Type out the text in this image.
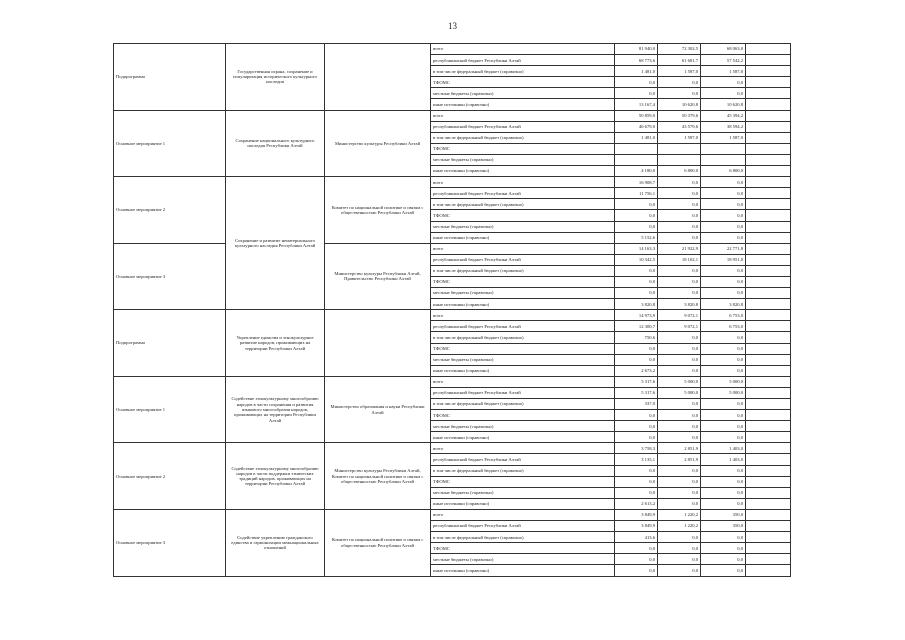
13
Подпрограмма	Государственная охрана, сохранение и популяризация исторического культурного наследия		всего	81 940,0	72 302,5	68 063,0	
			республиканский бюджет Республики Алтай	68 773,6	61 681,7	57 542,2	
			в том числе федеральный бюджет (справочно)	1 481,0	1 587,0	1 587,0	
			ТФОМС	0,0	0,0	0,0	
			местные бюджеты (справочно)	0,0	0,0	0,0	
			иные источники (справочно)	13 167,4	10 620,8	10 620,8	
Основное мероприятие 1	Сохранение национального культурного наследия Республики Алтай	Министерство культуры Республики Алтай	всего	50 859,0	50 379,6	45 394,2	
			республиканский бюджет Республики Алтай	46 679,0	43 579,6	38 594,2	
			в том числе федеральный бюджет (справочно)	1 481,0	1 587,0	1 587,0	
			ТФОМС				
			местные бюджеты (справочно)				
			иные источники (справочно)	4 180,0	6 800,0	6 800,0	
Основное мероприятие 2	Сохранение и развитие нематериального культурного наследия Республики Алтай	Комитет по национальной политике и связям с общественностью Республики Алтай	всего	16 908,7	0,0	0,0	
			республиканский бюджет Республики Алтай	11 756,1	0,0	0,0	
			в том числе федеральный бюджет (справочно)	0,0	0,0	0,0	
			ТФОМС	0,0	0,0	0,0	
			местные бюджеты (справочно)	0,0	0,0	0,0	
			иные источники (справочно)	5 152,6	0,0	0,0	
Основное мероприятие 3		Министерство культуры Республики Алтай, Правительство Республики Алтай	всего	14 163,3	21 922,9	22 771,8	
			республиканский бюджет Республики Алтай	10 342,5	18 102,1	18 951,0	
			в том числе федеральный бюджет (справочно)	0,0	0,0	0,0	
			ТФОМС	0,0	0,0	0,0	
			местные бюджеты (справочно)	0,0	0,0	0,0	
			иные источники (справочно)	3 820,8	3 820,8	3 820,8	
Подпрограмма	Укрепление единства и этнокультурное развитие народов, проживающих на территории Республики Алтай		всего	14 973,9	9 072,1	6 753,0	
			республиканский бюджет Республики Алтай	12 300,7	9 072,1	6 753,0	
			в том числе федеральный бюджет (справочно)	750,6	0,0	0,0	
			ТФОМС	0,0	0,0	0,0	
			местные бюджеты (справочно)	0,0	0,0	0,0	
			иные источники (справочно)	2 673,2	0,0	0,0	
Основное мероприятие 1	Содействие этнокультурному многообразию народов в части сохранения и развития языкового многообразия народов, проживающих на территории Республики Алтай	Министерство образования и науки Республики Алтай	всего	5 317,6	5 000,0	5 000,0	
			республиканский бюджет Республики Алтай	5 317,6	5 000,0	5 000,0	
			в том числе федеральный бюджет (справочно)	337,0	0,0	0,0	
			ТФОМС	0,0	0,0	0,0	
			местные бюджеты (справочно)	0,0	0,0	0,0	
			иные источники (справочно)	0,0	0,0	0,0	
Основное мероприятие 2	Содействие этнокультурному многообразию народов в части поддержки этнических традиций народов, проживающих на территории Республики Алтай	Министерство культуры Республики Алтай, Комитет по национальной политике и связям с общественностью Республики Алтай	всего	3 758,3	2 851,9	1 403,0	
			республиканский бюджет Республики Алтай	3 135,1	2 851,9	1 403,0	
			в том числе федеральный бюджет (справочно)	0,0	0,0	0,0	
			ТФОМС	0,0	0,0	0,0	
			местные бюджеты (справочно)	0,0	0,0	0,0	
			иные источники (справочно)	2 613,2	0,0	0,0	
Основное мероприятие 3	Содействие укреплению гражданского единства и гармонизации межнациональных отношений	Комитет по национальной политике и связям с общественностью Республики Алтай	всего	3 849,9	1 220,2	350,0	
			республиканский бюджет Республики Алтай	3 849,9	1 220,2	350,0	
			в том числе федеральный бюджет (справочно)	413,6	0,0	0,0	
			ТФОМС	0,0	0,0	0,0	
			местные бюджеты (справочно)	0,0	0,0	0,0	
			иные источники (справочно)	0,0	0,0	0,0	
